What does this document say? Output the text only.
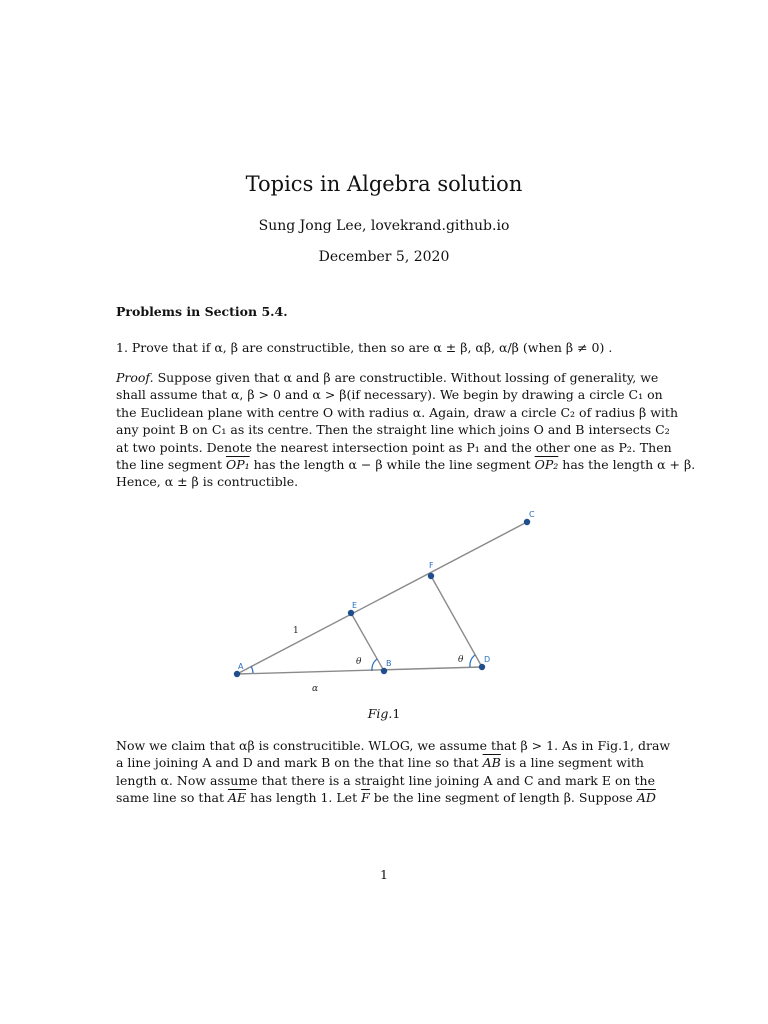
Topics in Algebra solution
Sung Jong Lee, lovekrand.github.io
December 5, 2020
Problems in Section 5.4.
1. Prove that if α, β are constructible, then so are α ± β, αβ, α/β (when β ≠ 0) .
Proof. Suppose given that α and β are constructible. Without lossing of generality, we
shall assume that α, β > 0 and α > β(if necessary). We begin by drawing a circle C₁ on
the Euclidean plane with centre O with radius α. Again, draw a circle C₂ of radius β with
any point B on C₁ as its centre. Then the straight line which joins O and B intersects C₂
at two points. Denote the nearest intersection point as P₁ and the other one as P₂. Then
the line segment OP₁ has the length α − β while the line segment OP₂ has the length α + β.
Hence, α ± β is contructible.
A	B
C
D
E
F
1
α
θ	θ
Fig.1
Now we claim that αβ is construcitible. WLOG, we assume that β > 1. As in Fig.1, draw
a line joining A and D and mark B on the that line so that $\overline{AB}$ is a line segment with
length α. Now assume that there is a straight line joining A and C and mark E on the
same line so that $\overline{AE}$ has length 1. Let $\overline{F}$ be the line segment of length β. Suppose $\overline{AD}$
1
